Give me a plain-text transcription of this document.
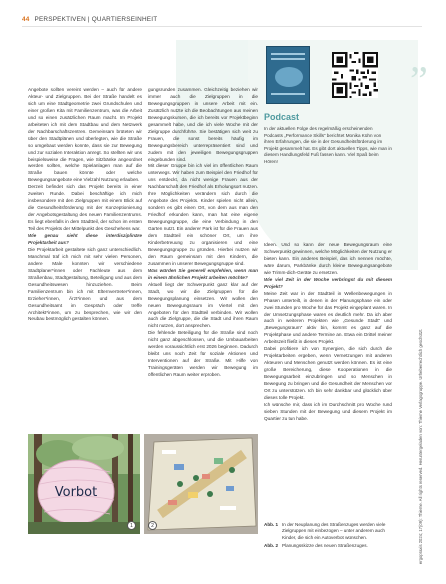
44 PERSPEKTIVEN | QUARTIERSEINHEIT
„

Angebote sollten vereint werden – auch für andere Akteur- und Zielgruppen. Bei der Straße handelt es sich um eine Stadtgeometrie zwei Grundschulen und einer großen Kita mit Familienzentrum, was die Arbeit und so einen zusätzlichen Raum macht. Im Projekt arbeiteten ich mit dem Stadtbau und dem Netzwerk der Nachbarschaftszentren. Gemeinsam brüteten wir über den Stadtplänen und überlegten, wie die Straße so umgebaut werden konnte, dass sie zur Bewegung und zur sozialen Interaktion anregt. So stellten wir uns beispielsweise die Fragen, wie Sitzbänke angeordnet werden sollten, welche Spielanlagen man auf die Straße bauen könnte oder welche Bewegungsangebote eine Vielzahl Nutzung erlauben.

Derzeit befindet sich das Projekt bereits in einer zweiten Runde. Dabei beschäftige ich mich insbesondere mit den Zielgruppen mit einem Blick auf die Gesundheitsförderung mit der Konzeptionierung der Angebotsgestaltung des neuen Familienzentrums. Es liegt ebenfalls in dem Stadtteil, der schon im ersten Teil des Projekts der Mittelpunkt des Geschehens war.

Wie genau sieht diese interdisziplinäre Projektarbeit aus?

Die Projektarbeit gestaltete sich ganz unterschiedlich. Manchmal traf ich mich mit sehr vielen Personen, andere Male konnten wir verschiedene Stadtplaner*innen oder Fachleute aus dem Straßenbau, Stadtgestaltung, Beteiligung und aus dem Gesundheitswesen hinzuziehen. Beim Familienzentrum bin ich mit Elternvertreter*innen, Erzieher*innen, Ärzt*innen und aus dem Gesundheitsamt im Gespräch oder treffe Architekt*innen, um zu besprechen, wie wir den Neubau bestmöglich gestalten können.

gungsrunden zusammen. Gleichzeitig beziehen wir immer auch die Zielgruppen in die Bewegungsgruppen in unsere Arbeit mit ein. Zusätzlich nutzte ich die Beobachtungen aus meinen Bewegungskursen, die ich bereits vor Projektbeginn gesammelt habe, und die ich viele Woche mit der Zielgruppe durchführte. Sie bestätigen sich weit zu Frauen, die sonst bereits häufig im Bewegungsbereich unterrepräsentiert sind und zudem mit den jeweiligen Bewegungsgruppen eingebunden sind.

Mit dieser Gruppe bin ich viel im öffentlichen Raum unterwegs. Wir haben zum Beispiel den Friedhof für uns entdeckt, da nicht wenige Frauen aus der Nachbarschaft den Friedhof als Erholungsort nutzen. Ihre Möglichkeiten verändern sich durch die Angebote des Projekts. Kinder spielen nicht allein, sondern es gibt einen Ort, von dem aus man den Friedhof erkunden kann, man hat eine eigene Bewegungsgruppe, die eine Verbindung in den Garten nutzt. Ein anderer Park ist für die Frauen aus dem Stadtteil ein schöner Ort, um ihre Kinderbetreuung zu organisieren und eine Bewegungsgruppe zu gründen. Hierbei nutzen wir den Raum gemeinsam mit den Kindern, die zusammen in unserer Bewegungsgruppe sind.

Was würden Sie generell empfehlen, wenn man in einem ähnlichen Projekt arbeiten möchte?

Aktuell liegt der Schwerpunkt ganz klar auf der Stadt, wo wir die Zielgruppen für die Bewegungsplanung einsetzen. Wir wollen den neuen Bewegungsraum im Viertel mit den Angeboten für den Stadtteil verbinden. Wir wollen auch die Zielgruppe, die die Stadt und ihren Raum nicht nutzen, dort ansprechen.

Die fehlende Beteiligung für die Straße sind noch nicht ganz abgeschlossen, und die Umbauarbeiten werden voraussichtlich erst 2026 beginnen. Dadurch bleibt uns noch Zeit für soziale Aktionen und Interventionen auf der Straße. Mit Hilfe von Trainingsgeräten werden wir Bewegung im öffentlichen Raum weiter erproben.

Podcast
In der aktuellen Folge des regelmäßig erscheinenden Podcasts „Performance Skills“ berichtet Monika Kühn von ihren Erfahrungen, die sie in der Gesundheitsförderung im Projekt gesammelt hat. Es gibt dort aktuellen Tipps, wie man in diesem Handlungsfeld Fuß fassen kann. Viel Spaß beim Hören!

Ideen. Und so kann der neue Bewegungsraum eine Schwerpunkt gewinnen, welche Möglichkeiten der Nutzung er bieten kann. Ein anderes Beispiel, das ich nennen möchte, wäre darum, Parkbänke durch kleine Bewegungsangebote wie Trimm-dich-Geräte zu ersetzen.

Wie viel Zeit in der Woche verbringst du mit diesem Projekt?

Meine Zeit war in der Stadtteil in Wellenbewegungen in Phasen unterteilt, in denen in der Planungsphase ein oder zwei Stunden pro Woche für das Projekt eingeplant waren. In der Umsetzungsphase waren es deutlich mehr. Da ich aber auch in weiteren Projekten wie „Gesunde Stadt“ und „Bewegungsraum“ aktiv bin, kommt es ganz auf die Projektphase und andere Termine an. Etwa ein Drittel meiner Arbeitszeit fließt in dieses Projekt.

Dabei profitiere ich von Synergien, die sich durch die Projektarbeiten ergeben, wenn Vernetzungen mit anderen Akteuren und Menschen genutzt werden können. Es ist eine große Bereicherung, diese Kooperationen in die Bewegungsarbeit einzubringen und so Menschen in Bewegung zu bringen und die Gesundheit der Menschen vor Ort zu unterstützen. Ich bin sehr dankbar und glücklich über dieses tolle Projekt.

Ich wünsche mir, dass ich im Durchschnitt pro Woche rund sieben Stunden mit der Bewegung und diesem Projekt im Quartier zu tun habe.

Vorbot
1	2	Abb. 1 In der Neuplanung des Straßenzuges werden viele Zielgruppen mit einbezogen – unter anderem auch Kinder, die sich ein Autoverbot wünschen.
Abb. 2 Planungsskizze des neuen Straßenzuges.	ergopraxis 2024; 17(09): Thieme. All rights reserved. Heruntergeladen von: Thieme Verlagsgruppe. Urheberrechtlich geschützt.
